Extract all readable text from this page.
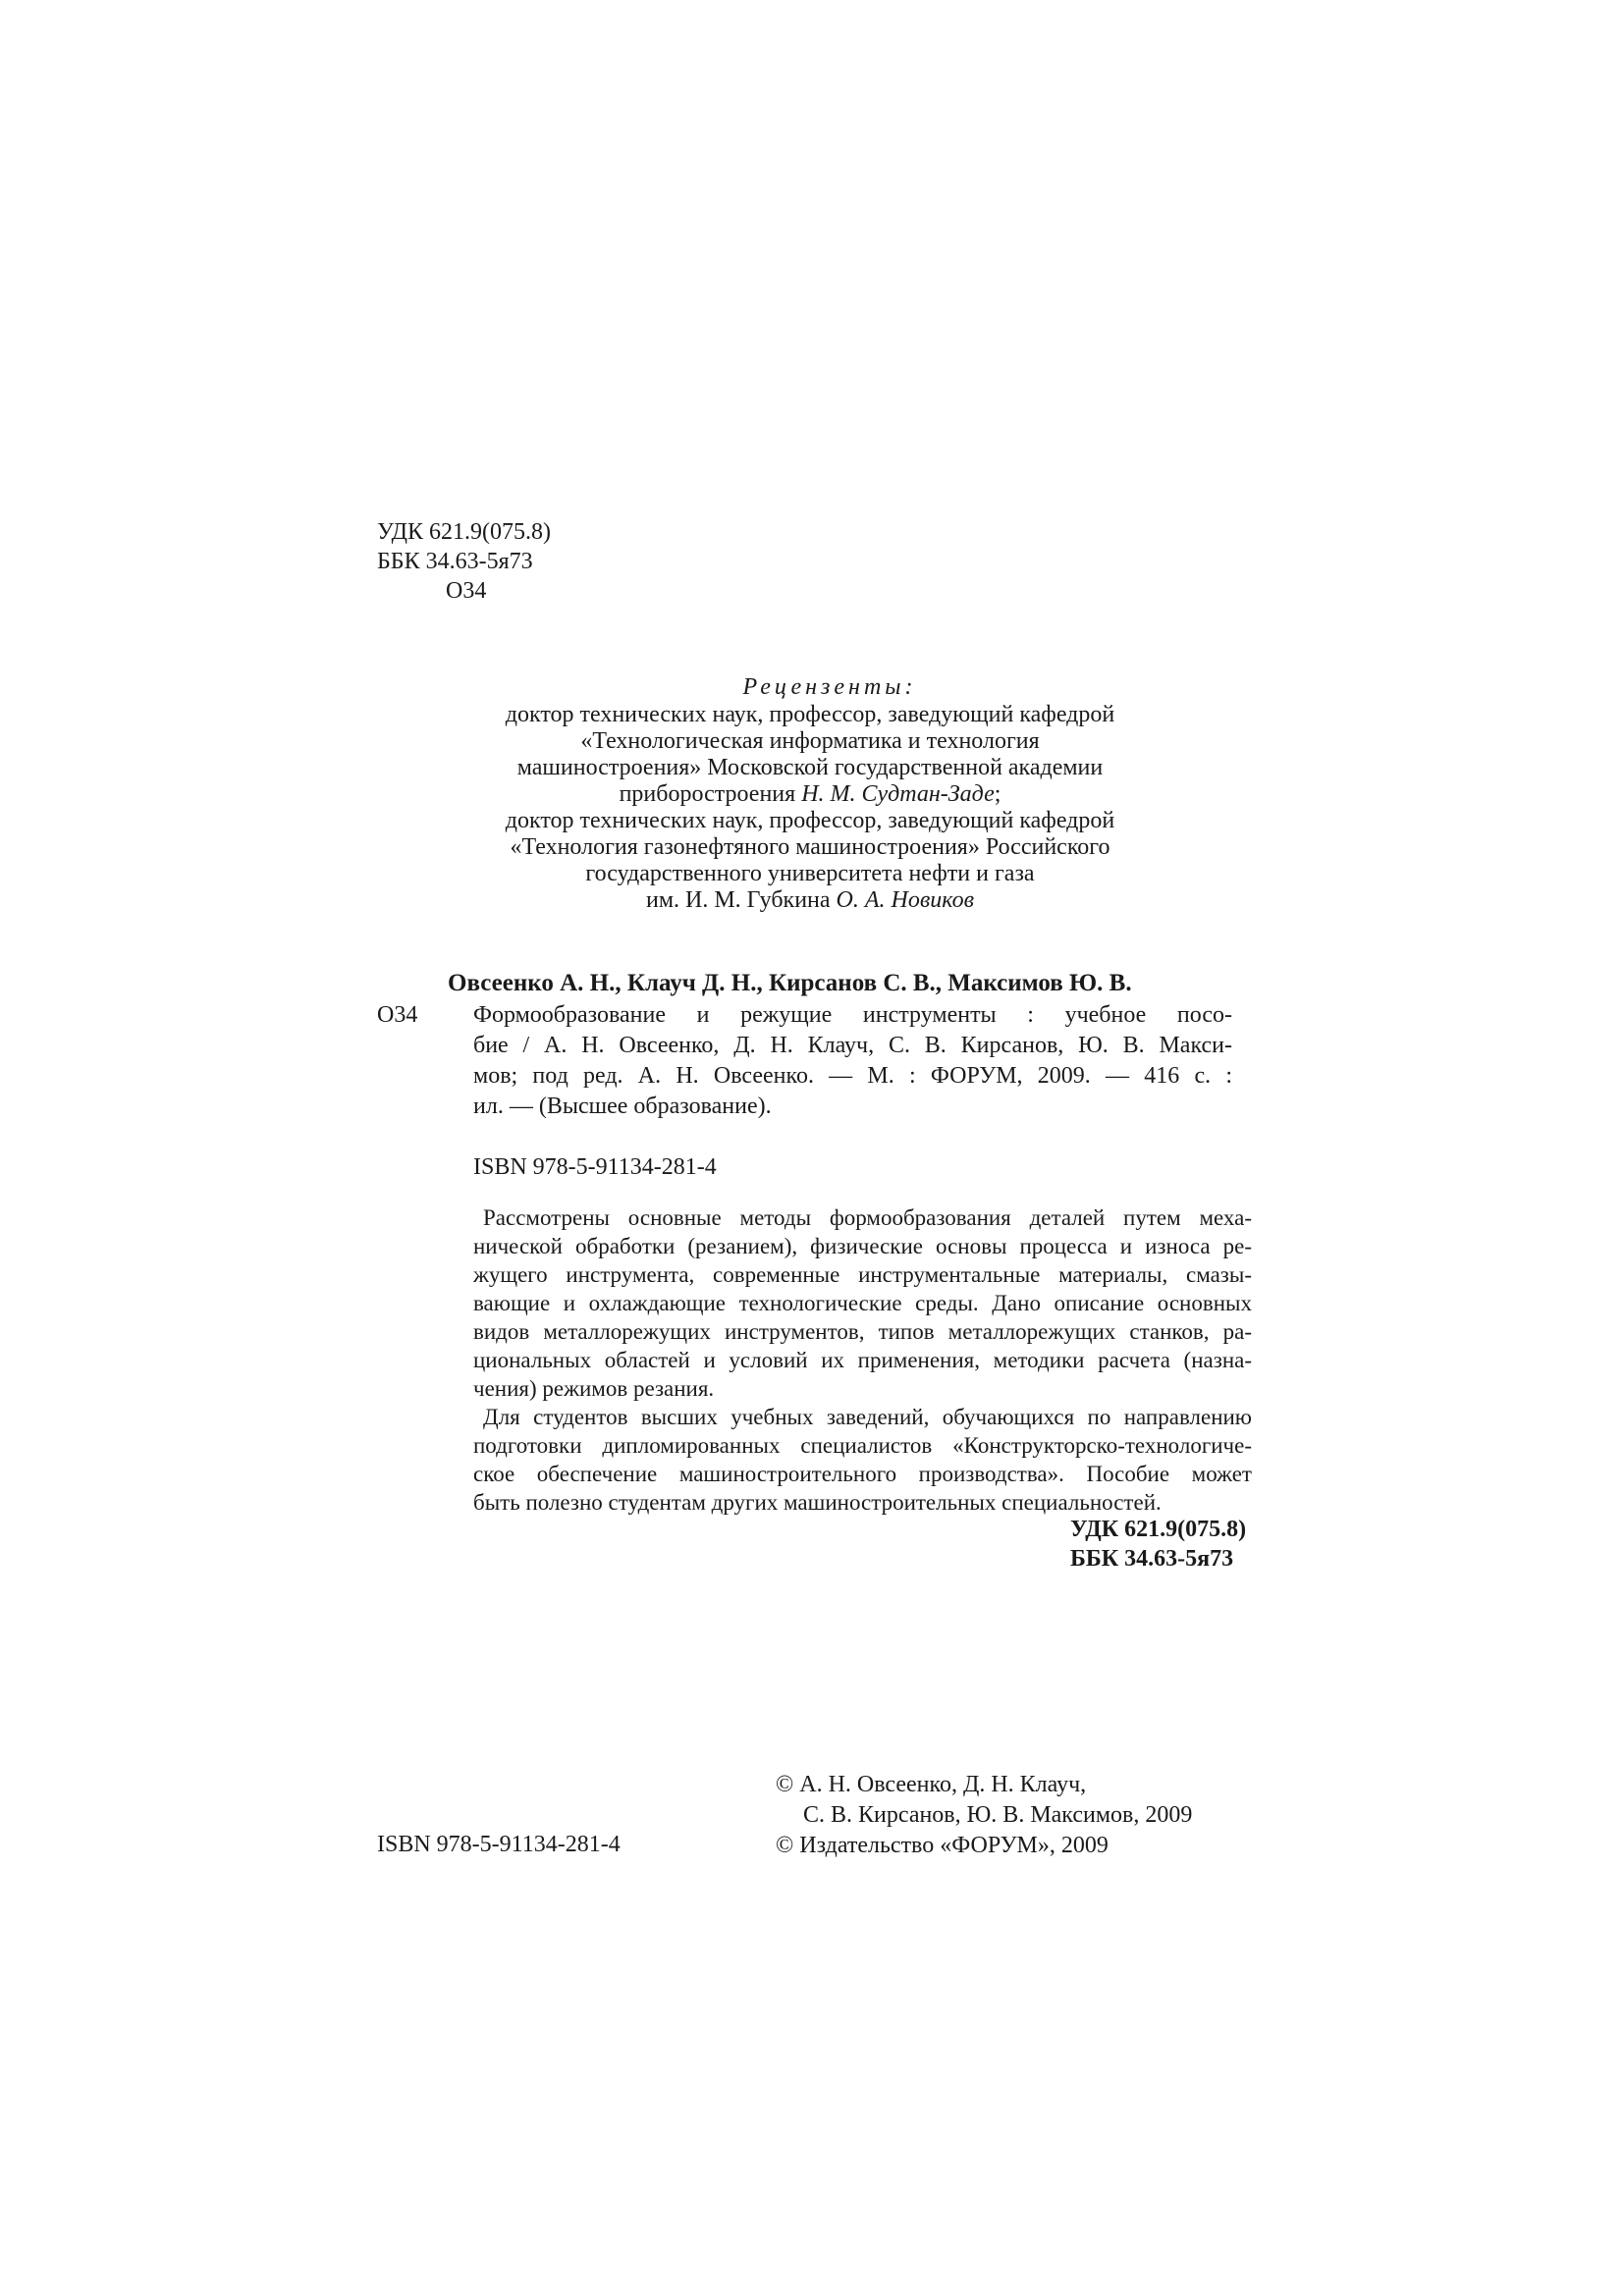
УДК 621.9(075.8)
ББК 34.63-5я73
О34
Рецензенты:
доктор технических наук, профессор, заведующий кафедрой
«Технологическая информатика и технология
машиностроения» Московской государственной академии
приборостроения Н. М. Судтан-Заде;
доктор технических наук, профессор, заведующий кафедрой
«Технология газонефтяного машиностроения» Российского
государственного университета нефти и газа
им. И. М. Губкина О. А. Новиков
Овсеенко А. Н., Клауч Д. Н., Кирсанов С. В., Максимов Ю. В.
О34 Формообразование и режущие инструменты : учебное посо-
бие / А. Н. Овсеенко, Д. Н. Клауч, С. В. Кирсанов, Ю. В. Макси-
мов; под ред. А. Н. Овсеенко. — М. : ФОРУМ, 2009. — 416 с. :
ил. — (Высшее образование).
ISBN 978-5-91134-281-4
Рассмотрены основные методы формообразования деталей путем меха-
нической обработки (резанием), физические основы процесса и износа ре-
жущего инструмента, современные инструментальные материалы, смазы-
вающие и охлаждающие технологические среды. Дано описание основных
видов металлорежущих инструментов, типов металлорежущих станков, ра-
циональных областей и условий их применения, методики расчета (назна-
чения) режимов резания.
Для студентов высших учебных заведений, обучающихся по направлению
подготовки дипломированных специалистов «Конструкторско-технологиче-
ское обеспечение машиностроительного производства». Пособие может
быть полезно студентам других машиностроительных специальностей.
УДК 621.9(075.8)
ББК 34.63-5я73
© А. Н. Овсеенко, Д. Н. Клауч,
С. В. Кирсанов, Ю. В. Максимов, 2009
© Издательство «ФОРУМ», 2009
ISBN 978-5-91134-281-4
